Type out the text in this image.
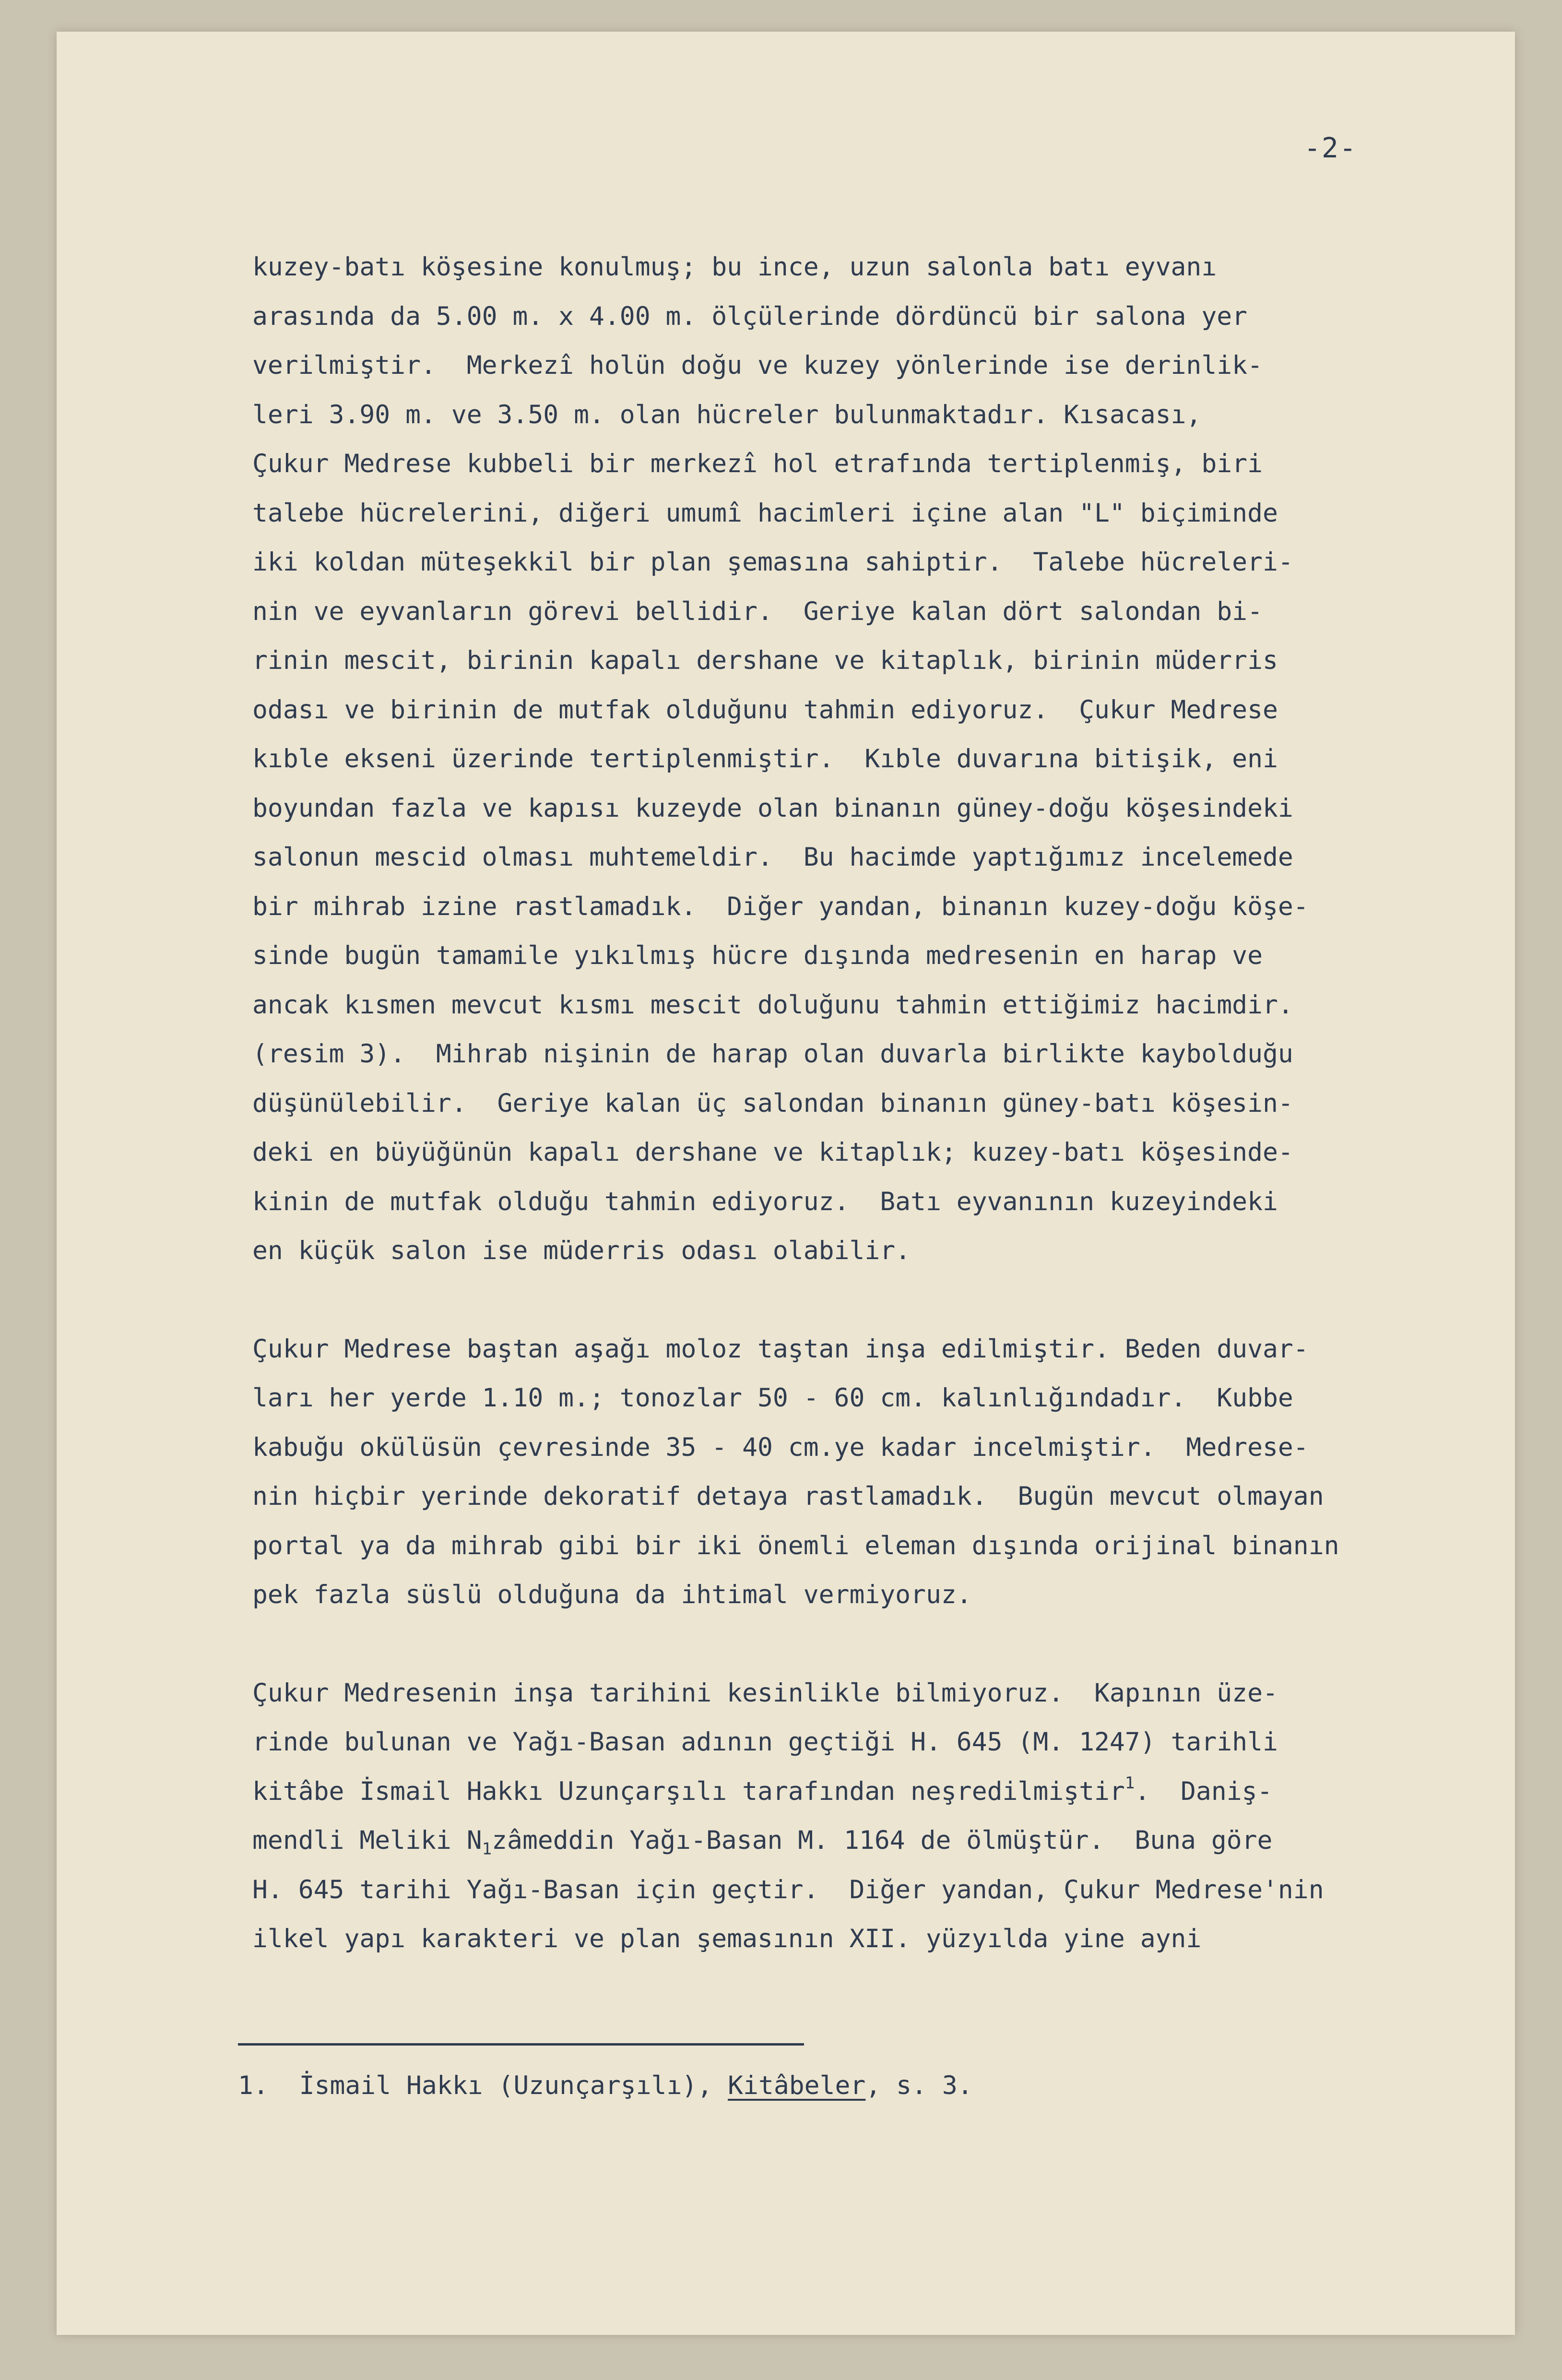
-2-
kuzey-batı köşesine konulmuş; bu ince, uzun salonla batı eyvanı
arasında da 5.00 m. x 4.00 m. ölçülerinde dördüncü bir salona yer
verilmiştir.  Merkezî holün doğu ve kuzey yönlerinde ise derinlik-
leri 3.90 m. ve 3.50 m. olan hücreler bulunmaktadır. Kısacası,
Çukur Medrese kubbeli bir merkezî hol etrafında tertiplenmiş, biri
talebe hücrelerini, diğeri umumî hacimleri içine alan "L" biçiminde
iki koldan müteşekkil bir plan şemasına sahiptir.  Talebe hücreleri-
nin ve eyvanların görevi bellidir.  Geriye kalan dört salondan bi-
rinin mescit, birinin kapalı dershane ve kitaplık, birinin müderris
odası ve birinin de mutfak olduğunu tahmin ediyoruz.  Çukur Medrese
kıble ekseni üzerinde tertiplenmiştir.  Kıble duvarına bitişik, eni
boyundan fazla ve kapısı kuzeyde olan binanın güney-doğu köşesindeki
salonun mescid olması muhtemeldir.  Bu hacimde yaptığımız incelemede
bir mihrab izine rastlamadık.  Diğer yandan, binanın kuzey-doğu köşe-
sinde bugün tamamile yıkılmış hücre dışında medresenin en harap ve
ancak kısmen mevcut kısmı mescit doluğunu tahmin ettiğimiz hacimdir.
(resim 3).  Mihrab nişinin de harap olan duvarla birlikte kaybolduğu
düşünülebilir.  Geriye kalan üç salondan binanın güney-batı köşesin-
deki en büyüğünün kapalı dershane ve kitaplık; kuzey-batı köşesinde-
kinin de mutfak olduğu tahmin ediyoruz.  Batı eyvanının kuzeyindeki
en küçük salon ise müderris odası olabilir.
Çukur Medrese baştan aşağı moloz taştan inşa edilmiştir. Beden duvar-
ları her yerde 1.10 m.; tonozlar 50 - 60 cm. kalınlığındadır.  Kubbe
kabuğu okülüsün çevresinde 35 - 40 cm.ye kadar incelmiştir.  Medrese-
nin hiçbir yerinde dekoratif detaya rastlamadık.  Bugün mevcut olmayan
portal ya da mihrab gibi bir iki önemli eleman dışında orijinal binanın
pek fazla süslü olduğuna da ihtimal vermiyoruz.
Çukur Medresenin inşa tarihini kesinlikle bilmiyoruz.  Kapının üze-
rinde bulunan ve Yağı-Basan adının geçtiği H. 645 (M. 1247) tarihli
kitâbe İsmail Hakkı Uzunçarşılı tarafından neşredilmiştir$^1$.  Daniş-
mendli Meliki $N_1zâmeddin$ Yağı-Basan M. 1164 de ölmüştür.  Buna göre
H. 645 tarihi Yağı-Basan için geçtir.  Diğer yandan, Çukur Medrese'nin
ilkel yapı karakteri ve plan şemasının XII. yüzyılda yine ayni
1. İsmail Hakkı (Uzunçarşılı), Kitâbeler, s. 3.
